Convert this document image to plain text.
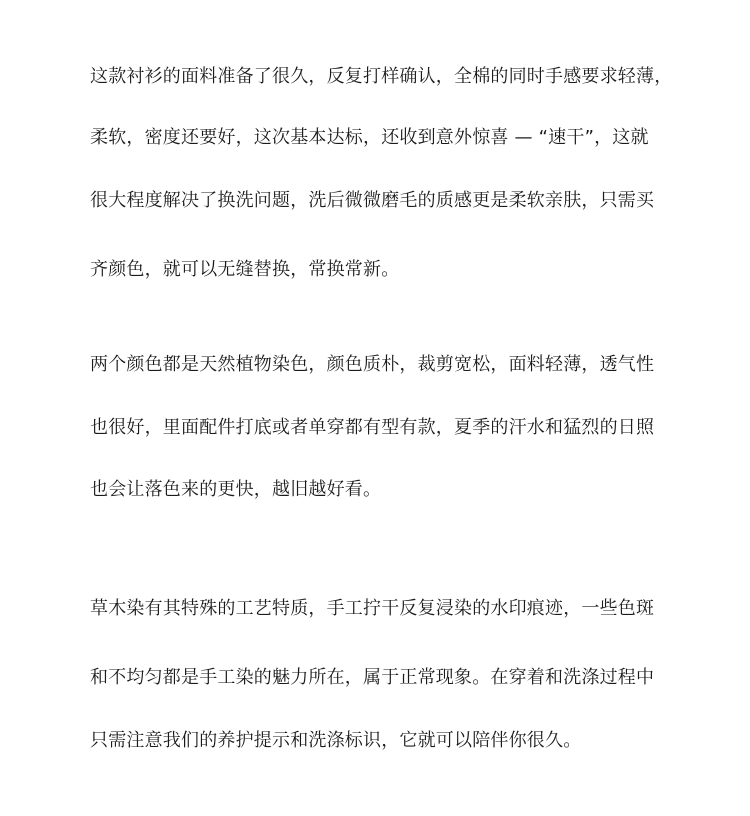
这款衬衫的面料准备了很久，反复打样确认，全棉的同时手感要求轻薄，
柔软，密度还要好，这次基本达标，还收到意外惊喜 — “速干”，这就
很大程度解决了换洗问题，洗后微微磨毛的质感更是柔软亲肤，只需买
齐颜色，就可以无缝替换，常换常新。
两个颜色都是天然植物染色，颜色质朴，裁剪宽松，面料轻薄，透气性
也很好，里面配件打底或者单穿都有型有款，夏季的汗水和猛烈的日照
也会让落色来的更快，越旧越好看。
草木染有其特殊的工艺特质，手工拧干反复浸染的水印痕迹，一些色斑
和不均匀都是手工染的魅力所在，属于正常现象。在穿着和洗涤过程中
只需注意我们的养护提示和洗涤标识，它就可以陪伴你很久。
